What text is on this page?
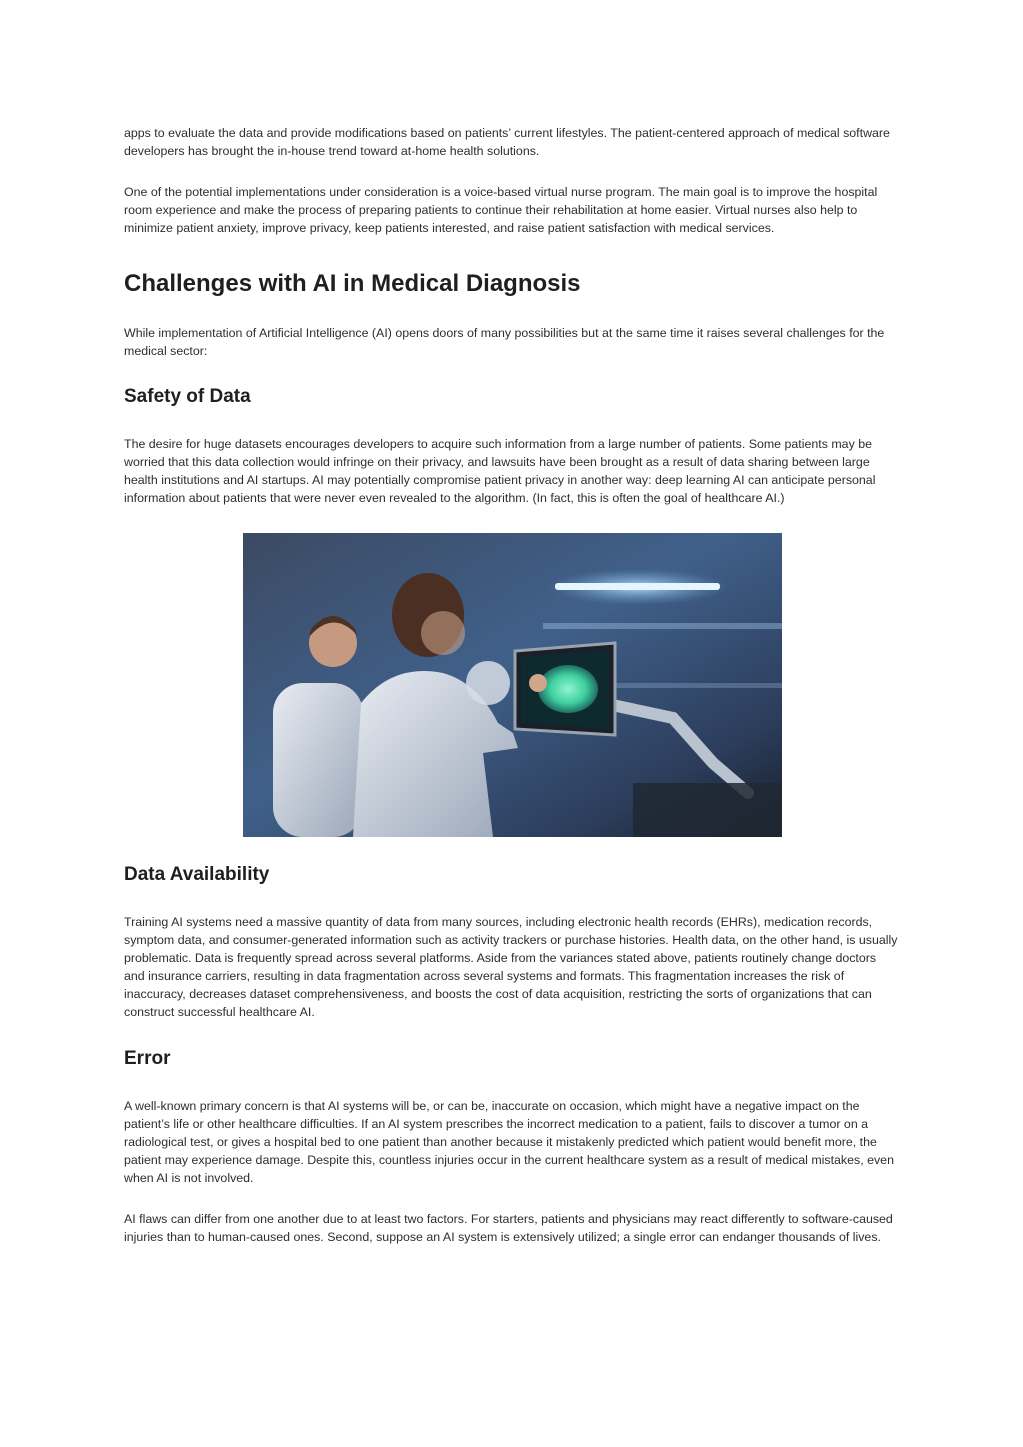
apps to evaluate the data and provide modifications based on patients’ current lifestyles. The patient-centered approach of medical software developers has brought the in-house trend toward at-home health solutions.

One of the potential implementations under consideration is a voice-based virtual nurse program. The main goal is to improve the hospital room experience and make the process of preparing patients to continue their rehabilitation at home easier. Virtual nurses also help to minimize patient anxiety, improve privacy, keep patients interested, and raise patient satisfaction with medical services.

Challenges with AI in Medical Diagnosis

While implementation of Artificial Intelligence (AI) opens doors of many possibilities but at the same time it raises several challenges for the medical sector:

Safety of Data

The desire for huge datasets encourages developers to acquire such information from a large number of patients. Some patients may be worried that this data collection would infringe on their privacy, and lawsuits have been brought as a result of data sharing between large health institutions and AI startups. AI may potentially compromise patient privacy in another way: deep learning AI can anticipate personal information about patients that were never even revealed to the algorithm. (In fact, this is often the goal of healthcare AI.)

Data Availability

Training AI systems need a massive quantity of data from many sources, including electronic health records (EHRs), medication records, symptom data, and consumer-generated information such as activity trackers or purchase histories. Health data, on the other hand, is usually problematic. Data is frequently spread across several platforms. Aside from the variances stated above, patients routinely change doctors and insurance carriers, resulting in data fragmentation across several systems and formats. This fragmentation increases the risk of inaccuracy, decreases dataset comprehensiveness, and boosts the cost of data acquisition, restricting the sorts of organizations that can construct successful healthcare AI.

Error

A well-known primary concern is that AI systems will be, or can be, inaccurate on occasion, which might have a negative impact on the patient’s life or other healthcare difficulties. If an AI system prescribes the incorrect medication to a patient, fails to discover a tumor on a radiological test, or gives a hospital bed to one patient than another because it mistakenly predicted which patient would benefit more, the patient may experience damage. Despite this, countless injuries occur in the current healthcare system as a result of medical mistakes, even when AI is not involved.

AI flaws can differ from one another due to at least two factors. For starters, patients and physicians may react differently to software-caused injuries than to human-caused ones. Second, suppose an AI system is extensively utilized; a single error can endanger thousands of lives.
